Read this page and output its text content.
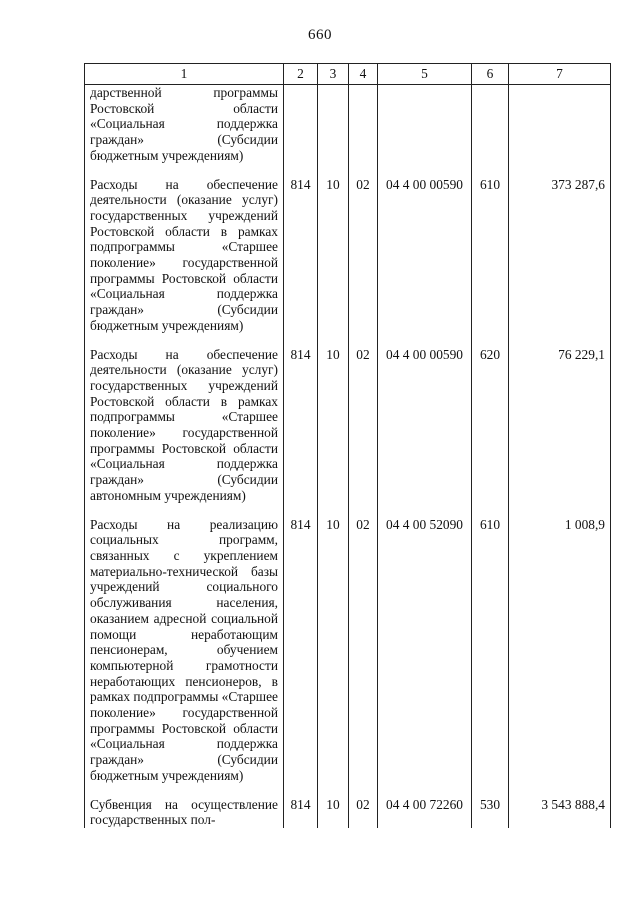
660
1	2	3	4	5	6	7
дарственной программы Ростовской области «Социальная поддержка граждан» (Субсидии бюджетным учреждениям)						

Расходы на обеспечение деятельности (оказание услуг) государственных учреждений Ростовской области в рамках подпрограммы «Старшее поколение» государственной программы Ростовской области «Социальная поддержка граждан» (Субсидии бюджетным учреждениям)	814	10	02	04 4 00 00590	610	373 287,6

Расходы на обеспечение деятельности (оказание услуг) государственных учреждений Ростовской области в рамках подпрограммы «Старшее поколение» государственной программы Ростовской области «Социальная поддержка граждан» (Субсидии автономным учреждениям)	814	10	02	04 4 00 00590	620	76 229,1

Расходы на реализацию социальных программ, связанных с укреплением материально-технической базы учреждений социального обслуживания населения, оказанием адресной социальной помощи неработающим пенсионерам, обучением компьютерной грамотности неработающих пенсионеров, в рамках подпрограммы «Старшее поколение» государственной программы Ростовской области «Социальная поддержка граждан» (Субсидии бюджетным учреждениям)	814	10	02	04 4 00 52090	610	1 008,9

Субвенция на осуществление государственных пол-	814	10	02	04 4 00 72260	530	3 543 888,4
